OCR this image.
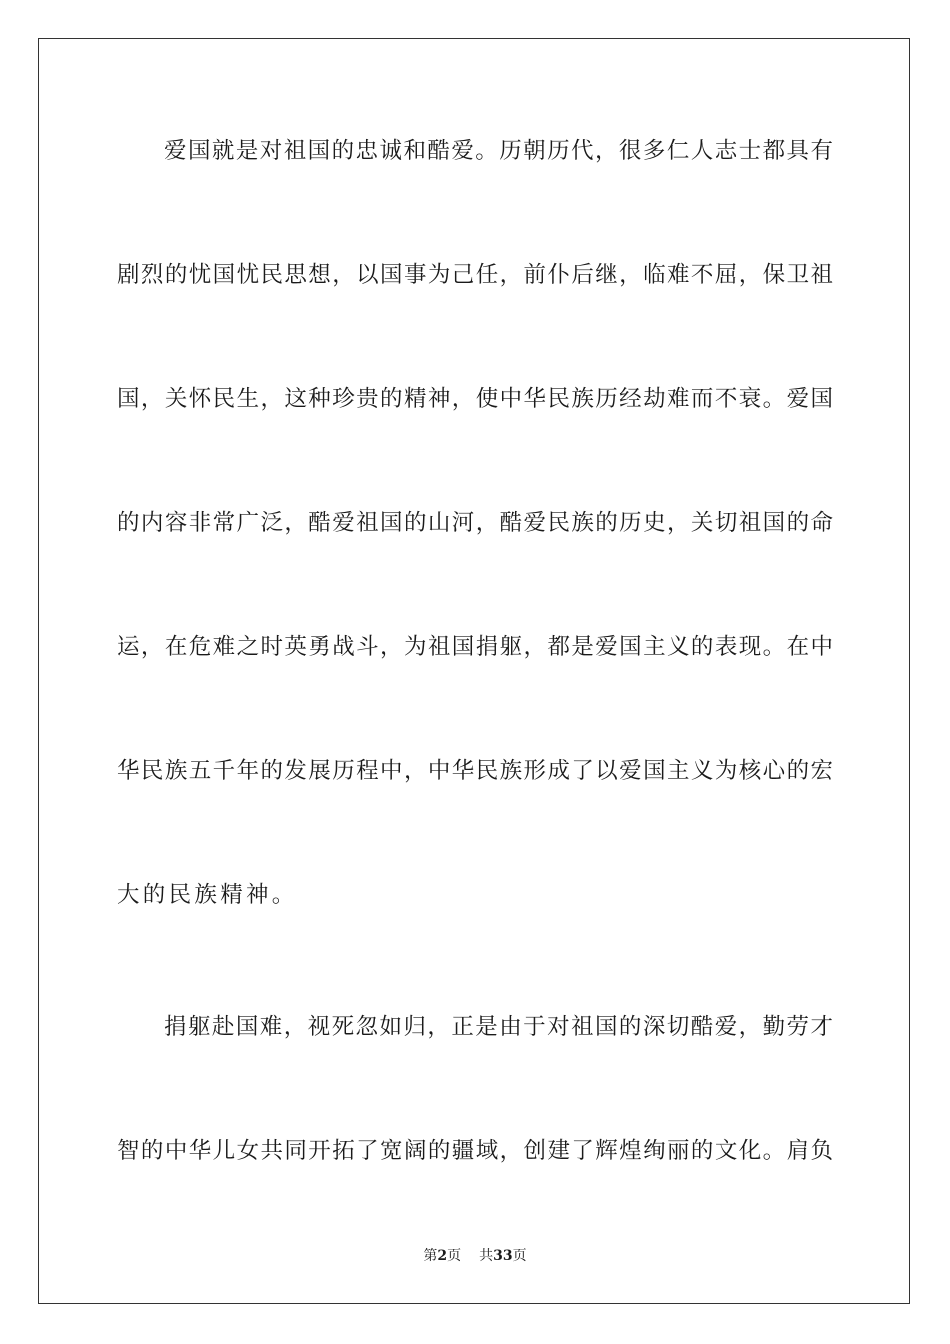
爱国就是对祖国的忠诚和酷爱。历朝历代，很多仁人志士都具有
剧烈的忧国忧民思想，以国事为己任，前仆后继，临难不屈，保卫祖
国，关怀民生，这种珍贵的精神，使中华民族历经劫难而不衰。爱国
的内容非常广泛，酷爱祖国的山河，酷爱民族的历史，关切祖国的命
运，在危难之时英勇战斗，为祖国捐躯，都是爱国主义的表现。在中
华民族五千年的发展历程中，中华民族形成了以爱国主义为核心的宏
大的民族精神。
捐躯赴国难，视死忽如归，正是由于对祖国的深切酷爱，勤劳才
智的中华儿女共同开拓了宽阔的疆域，创建了辉煌绚丽的文化。肩负
第2页 共33页
